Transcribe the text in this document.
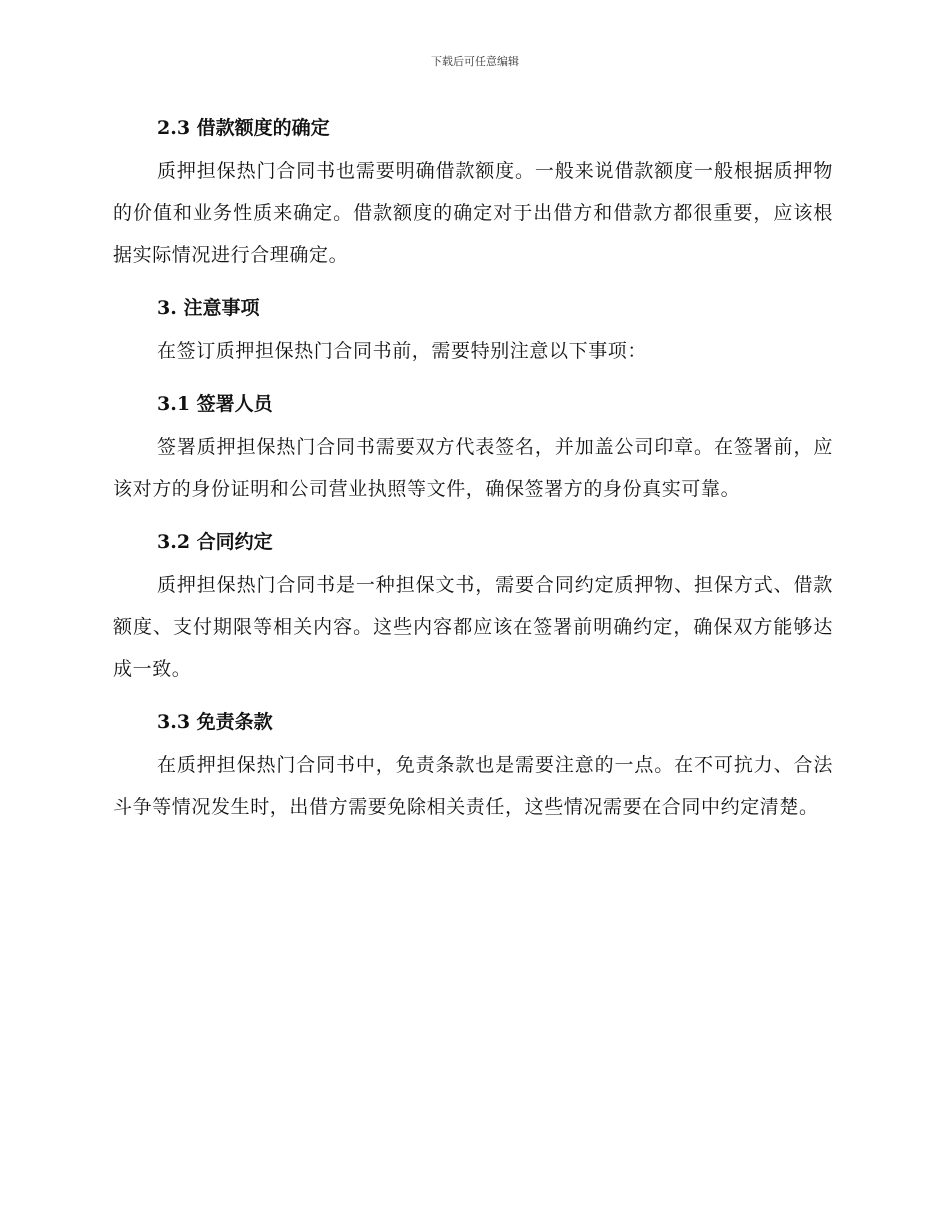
下载后可任意编辑
2.3 借款额度的确定

质押担保热门合同书也需要明确借款额度。一般来说借款额度一般根据质押物的价值和业务性质来确定。借款额度的确定对于出借方和借款方都很重要，应该根据实际情况进行合理确定。

3. 注意事项

在签订质押担保热门合同书前，需要特别注意以下事项：

3.1 签署人员

签署质押担保热门合同书需要双方代表签名，并加盖公司印章。在签署前，应该对方的身份证明和公司营业执照等文件，确保签署方的身份真实可靠。

3.2 合同约定

质押担保热门合同书是一种担保文书，需要合同约定质押物、担保方式、借款额度、支付期限等相关内容。这些内容都应该在签署前明确约定，确保双方能够达成一致。

3.3 免责条款

在质押担保热门合同书中，免责条款也是需要注意的一点。在不可抗力、合法斗争等情况发生时，出借方需要免除相关责任，这些情况需要在合同中约定清楚。
